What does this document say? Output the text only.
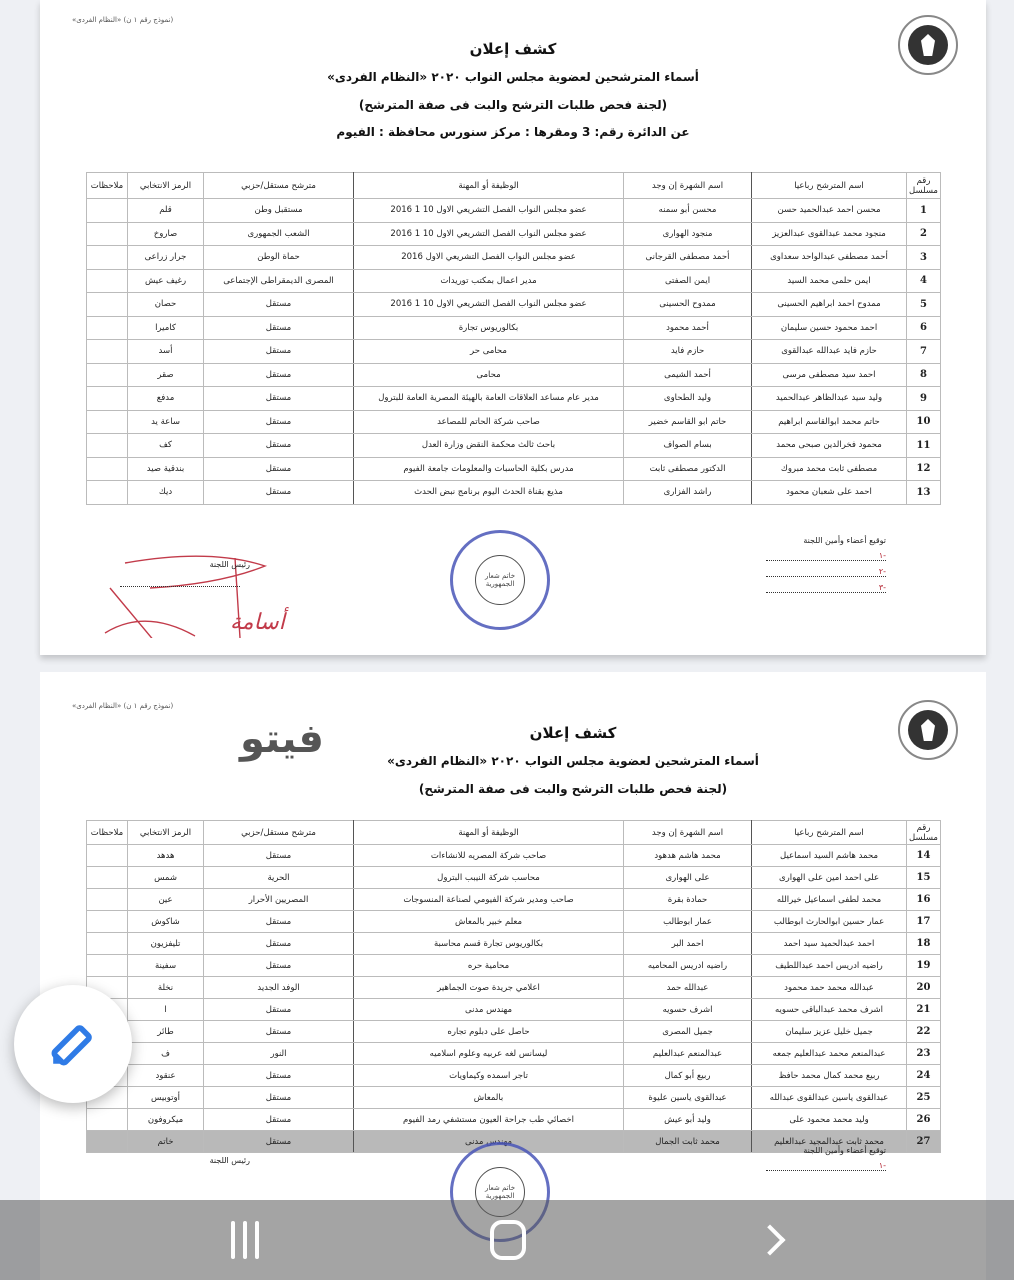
(نموذج رقم ١ ن) «النظام الفردى»
كشف إعلان
أسماء المترشحين لعضوية مجلس النواب ٢٠٢٠ «النظام الفردى»
(لجنة فحص طلبات الترشح والبت فى صفة المترشح)
عن الدائرة رقم: 3 ومقرها : مركز سنورس محافظة : الفيوم
رقم مسلسل	اسم المترشح رباعيا	اسم الشهرة إن وجد	الوظيفة أو المهنة	مترشح مستقل/حزبي	الرمز الانتخابي	ملاحظات
1	محسن احمد عبدالحميد حسن	محسن أبو سمنه	عضو مجلس النواب الفصل التشريعي الاول 10 1 2016	مستقبل وطن	قلم	
2	منجود محمد عبدالقوى عبدالعزيز	منجود الهوارى	عضو مجلس النواب الفصل التشريعي الاول 10 1 2016	الشعب الجمهورى	صاروخ	
3	أحمد مصطفى عبدالواحد سعداوى	أحمد مصطفى القرجانى	عضو مجلس النواب الفصل التشريعي الاول 2016	حماة الوطن	جرار زراعى	
4	ايمن حلمى محمد السيد	ايمن الصفتى	مدير اعمال بمكتب توريدات	المصرى الديمقراطى الإجتماعى	رغيف عيش	
5	ممدوح احمد ابراهيم الحسينى	ممدوح الحسينى	عضو مجلس النواب الفصل التشريعي الاول 10 1 2016	مستقل	حصان	
6	احمد محمود حسين سليمان	أحمد محمود	بكالوريوس تجارة	مستقل	كاميرا	
7	حازم فايد عبدالله عبدالقوى	حازم فايد	محامى حر	مستقل	أسد	
8	احمد سيد مصطفى مرسى	أحمد الشيمى	محامى	مستقل	صقر	
9	وليد سيد عبدالظاهر عبدالحميد	وليد الطحاوى	مدير عام مساعد العلاقات العامة بالهيئة المصرية العامة للبترول	مستقل	مدفع	
10	حاتم محمد ابوالقاسم ابراهيم	حاتم ابو القاسم خضير	صاحب شركة الحاتم للمصاعد	مستقل	ساعة يد	
11	محمود فخرالدين صبحى محمد	بسام الصواف	باحث ثالث محكمة النقض وزارة العدل	مستقل	كف	
12	مصطفى ثابت محمد مبروك	الدكتور مصطفى ثابت	مدرس بكلية الحاسبات والمعلومات جامعة الفيوم	مستقل	بندقية صيد	
13	احمد على شعبان محمود	راشد الفزارى	مذيع بقناة الحدث اليوم برنامج نبض الحدث	مستقل	ديك	
توقيع أعضاء وأمين اللجنة
-١
-٢
-٣
خاتم شعار الجمهورية
رئيس اللجنة
أسامة
(نموذج رقم ١ ن) «النظام الفردى»
فيتو	كشف إعلان
أسماء المترشحين لعضوية مجلس النواب ٢٠٢٠ «النظام الفردى»
(لجنة فحص طلبات الترشح والبت فى صفة المترشح)
رقم مسلسل	اسم المترشح رباعيا	اسم الشهرة إن وجد	الوظيفة أو المهنة	مترشح مستقل/حزبي	الرمز الانتخابي	ملاحظات
14	محمد هاشم السيد اسماعيل	محمد هاشم هدهود	صاحب شركة المصريه للانشاءات	مستقل	هدهد	
15	على احمد امين على الهوارى	على الهوارى	محاسب شركة النيبب البترول	الحرية	شمس	
16	محمد لطفى اسماعيل خيرالله	حمادة بقرة	صاحب ومدير شركة الفيومي لصناعة المنسوجات	المصريين الأحرار	عين	
17	عمار حسين ابوالحارث ابوطالب	عمار ابوطالب	معلم خبير بالمعاش	مستقل	شاكوش	
18	احمد عبدالحميد سيد احمد	احمد البر	بكالوريوس تجارة قسم محاسبة	مستقل	تليفزيون	
19	راضيه ادريس احمد عبداللطيف	راضيه ادريس المحاميه	محامية حره	مستقل	سفينة	
20	عبدالله محمد حمد محمود	عبدالله حمد	اعلامي جريدة صوت الجماهير	الوفد الجديد	نخلة	
21	اشرف محمد عبدالباقى حسويه	اشرف حسويه	مهندس مدنى	مستقل	ا	
22	جميل خليل عزيز سليمان	جميل المصرى	حاصل على دبلوم تجاره	مستقل	طائر	
23	عبدالمنعم محمد عبدالعليم جمعه	عبدالمنعم عبدالعليم	ليسانس لغه عربيه وعلوم اسلاميه	النور	ف	
24	ربيع محمد كمال محمد حافظ	ربيع أبو كمال	تاجر اسمده وكيماويات	مستقل	عنقود	
25	عبدالقوى ياسين عبدالقوى عبدالله	عبدالقوى ياسين عليوة	بالمعاش	مستقل	أوتوبيس	
26	وليد محمد محمود على	وليد أبو عيش	اخصائي طب جراحة العيون مستشفي رمد الفيوم	مستقل	ميكروفون	
27	محمد ثابت عبدالمجيد عبدالعليم	محمد ثابت الجمال	مهندس مدنى	مستقل	خاتم	
توقيع أعضاء وأمين اللجنة
-١
خاتم شعار الجمهورية
رئيس اللجنة
